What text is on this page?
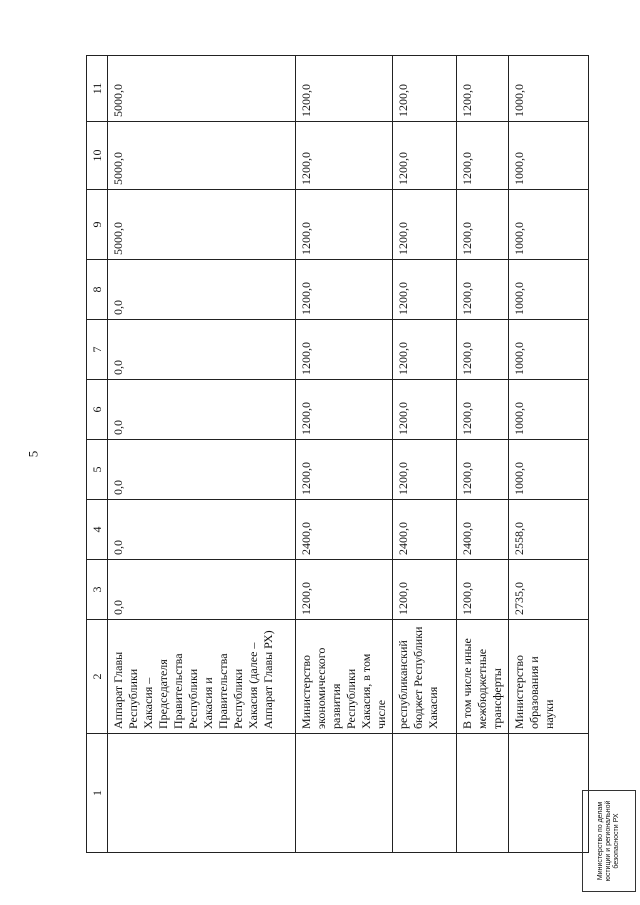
5
1	2	3	4	5	6	7	8	9	10	11
	Аппарат Главы Республики Хакасия – Председателя Правительства Республики Хакасия и Правительства Республики Хакасия (далее – Аппарат Главы РХ)	0,0	0,0	0,0	0,0	0,0	0,0	5000,0	5000,0	5000,0
	Министерство экономического развития Республики Хакасия, в том числе	1200,0	2400,0	1200,0	1200,0	1200,0	1200,0	1200,0	1200,0	1200,0
	республиканский бюджет Республики Хакасия	1200,0	2400,0	1200,0	1200,0	1200,0	1200,0	1200,0	1200,0	1200,0
	В том числе иные межбюджетные трансферты	1200,0	2400,0	1200,0	1200,0	1200,0	1200,0	1200,0	1200,0	1200,0
	Министерство образования и науки	2735,0	2558,0	1000,0	1000,0	1000,0	1000,0	1000,0	1000,0	1000,0
Министерство по делам юстиции и региональной безопасности РХ
